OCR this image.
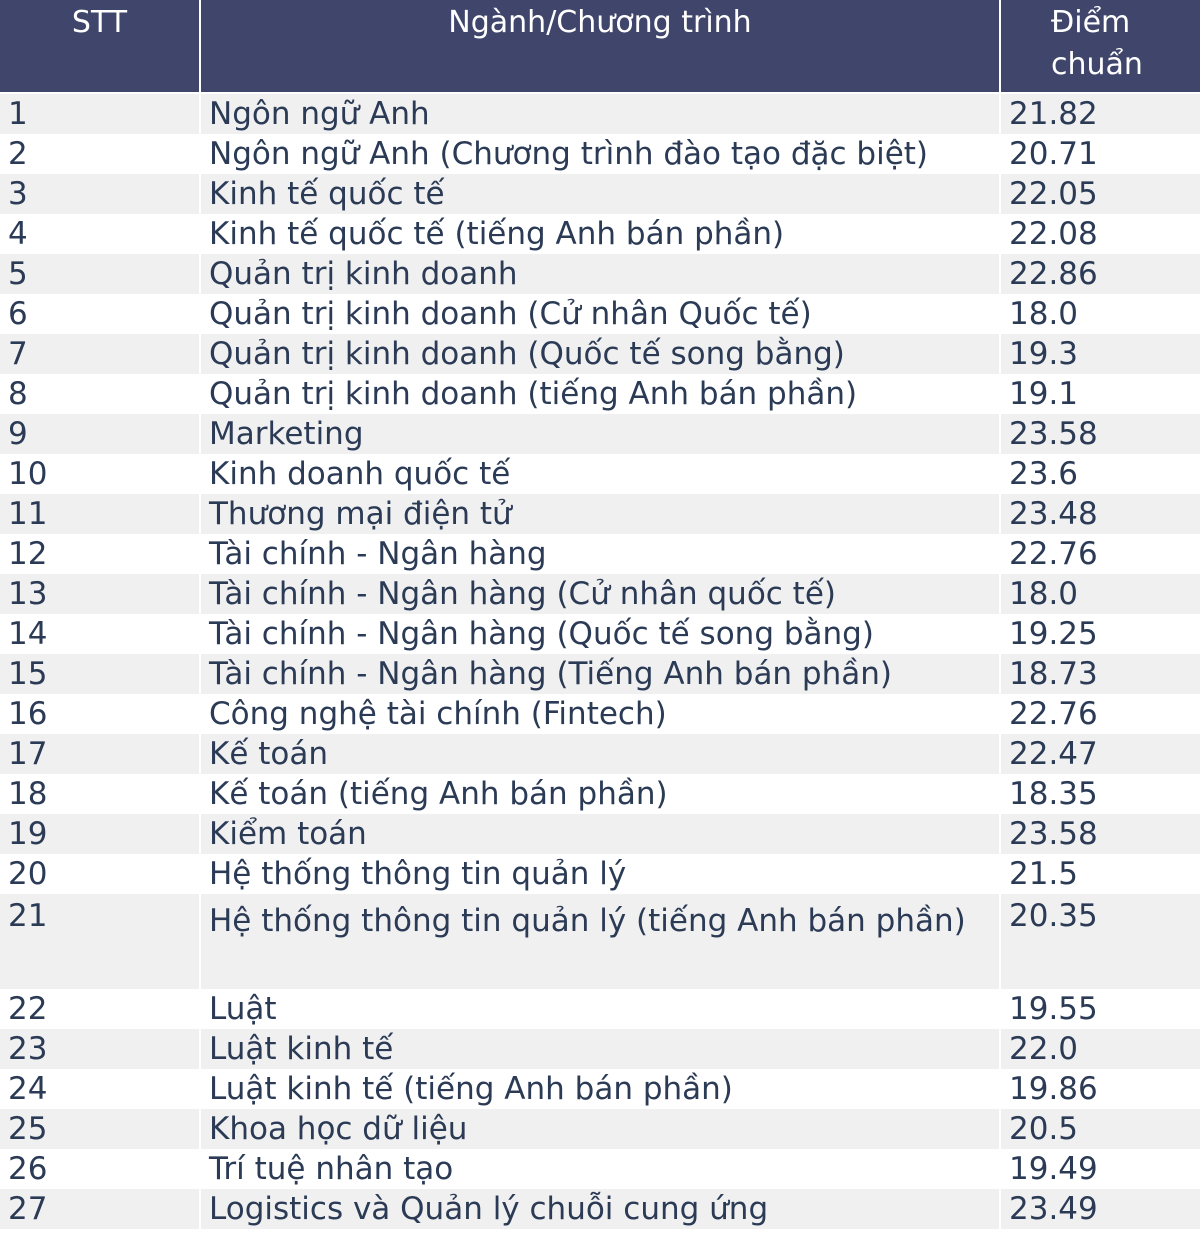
STT	Ngành/Chương trình	Điểm chuẩn
1	Ngôn ngữ Anh	21.82
2	Ngôn ngữ Anh (Chương trình đào tạo đặc biệt)	20.71
3	Kinh tế quốc tế	22.05
4	Kinh tế quốc tế (tiếng Anh bán phần)	22.08
5	Quản trị kinh doanh	22.86
6	Quản trị kinh doanh (Cử nhân Quốc tế)	18.0
7	Quản trị kinh doanh (Quốc tế song bằng)	19.3
8	Quản trị kinh doanh (tiếng Anh bán phần)	19.1
9	Marketing	23.58
10	Kinh doanh quốc tế	23.6
11	Thương mại điện tử	23.48
12	Tài chính - Ngân hàng	22.76
13	Tài chính - Ngân hàng (Cử nhân quốc tế)	18.0
14	Tài chính - Ngân hàng (Quốc tế song bằng)	19.25
15	Tài chính - Ngân hàng (Tiếng Anh bán phần)	18.73
16	Công nghệ tài chính (Fintech)	22.76
17	Kế toán	22.47
18	Kế toán (tiếng Anh bán phần)	18.35
19	Kiểm toán	23.58
20	Hệ thống thông tin quản lý	21.5
21	Hệ thống thông tin quản lý (tiếng Anh bán phần)	20.35
22	Luật	19.55
23	Luật kinh tế	22.0
24	Luật kinh tế (tiếng Anh bán phần)	19.86
25	Khoa học dữ liệu	20.5
26	Trí tuệ nhân tạo	19.49
27	Logistics và Quản lý chuỗi cung ứng	23.49
